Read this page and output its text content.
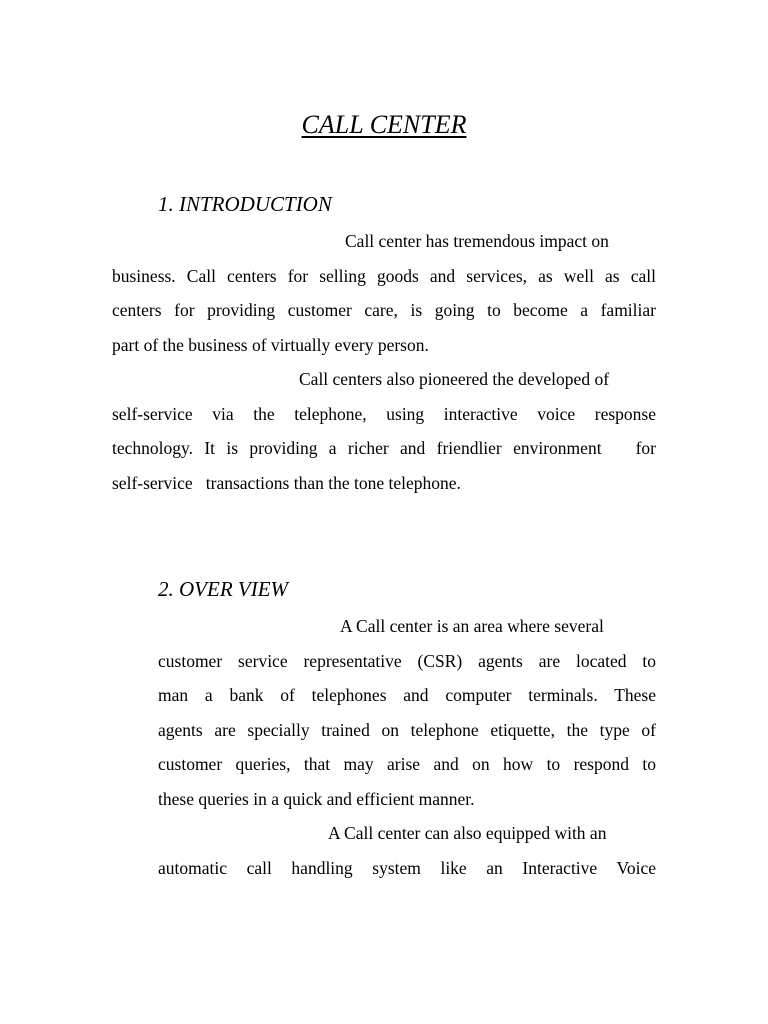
CALL CENTER
1. INTRODUCTION
Call center has tremendous impact on
business. Call centers for selling goods and services, as well as call
centers for providing customer care, is going to become a familiar
part of the business of virtually every person.
Call centers also pioneered the developed of
self-service via the telephone, using interactive voice response
technology. It is providing a richer and friendlier environment   for
self-service   transactions than the tone telephone.
2. OVER VIEW
A Call center is an area where several
customer service representative (CSR) agents are located to
man a bank of telephones and computer terminals. These
agents are specially trained on telephone etiquette, the type of
customer queries, that may arise and on how to respond to
these queries in a quick and efficient manner.
A Call center can also equipped with an
automatic call handling system like an Interactive Voice
